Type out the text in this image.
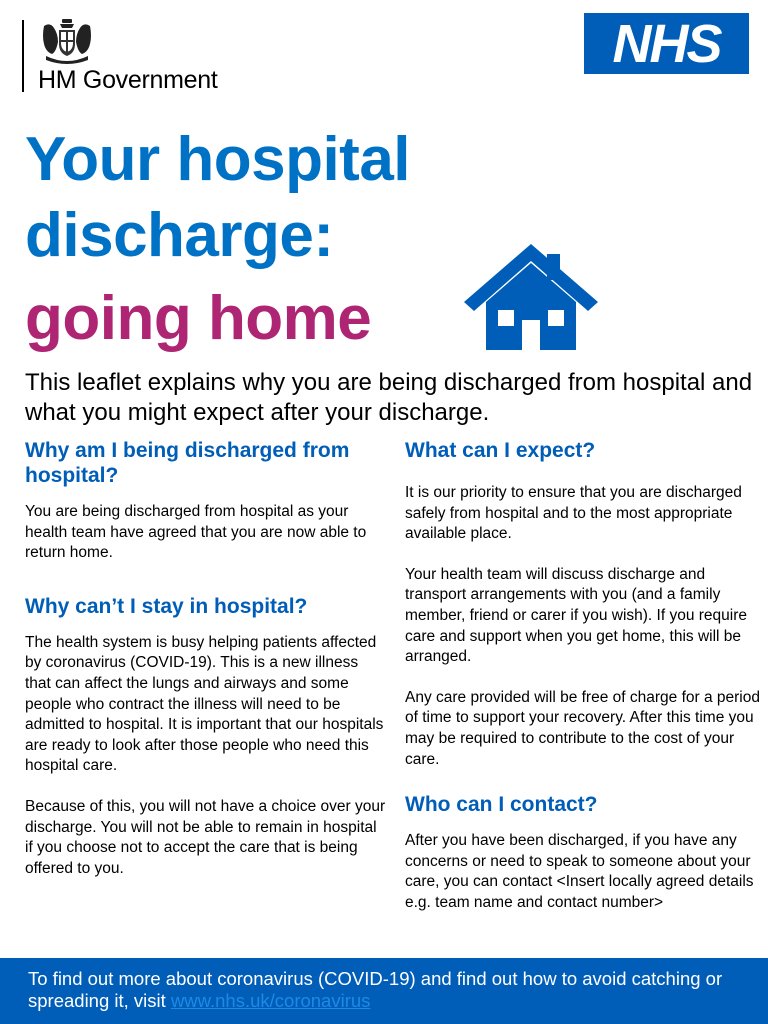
HM Government
NHS
Your hospital
discharge:
going home
This leaflet explains why you are being discharged from hospital and what you might expect after your discharge.
Why am I being discharged from hospital?
You are being discharged from hospital as your health team have agreed that you are now able to return home.
Why can’t I stay in hospital?
The health system is busy helping patients affected by coronavirus (COVID-19). This is a new illness that can affect the lungs and airways and some people who contract the illness will need to be admitted to hospital. It is important that our hospitals are ready to look after those people who need this hospital care.
Because of this, you will not have a choice over your discharge. You will not be able to remain in hospital if you choose not to accept the care that is being offered to you.
What can I expect?
It is our priority to ensure that you are discharged safely from hospital and to the most appropriate available place.
Your health team will discuss discharge and transport arrangements with you (and a family member, friend or carer if you wish). If you require care and support when you get home, this will be arranged.
Any care provided will be free of charge for a period of time to support your recovery. After this time you may be required to contribute to the cost of your care.
Who can I contact?
After you have been discharged, if you have any concerns or need to speak to someone about your care, you can contact <Insert locally agreed details e.g. team name and contact number>
To find out more about coronavirus (COVID-19) and find out how to avoid catching or spreading it, visit www.nhs.uk/coronavirus
